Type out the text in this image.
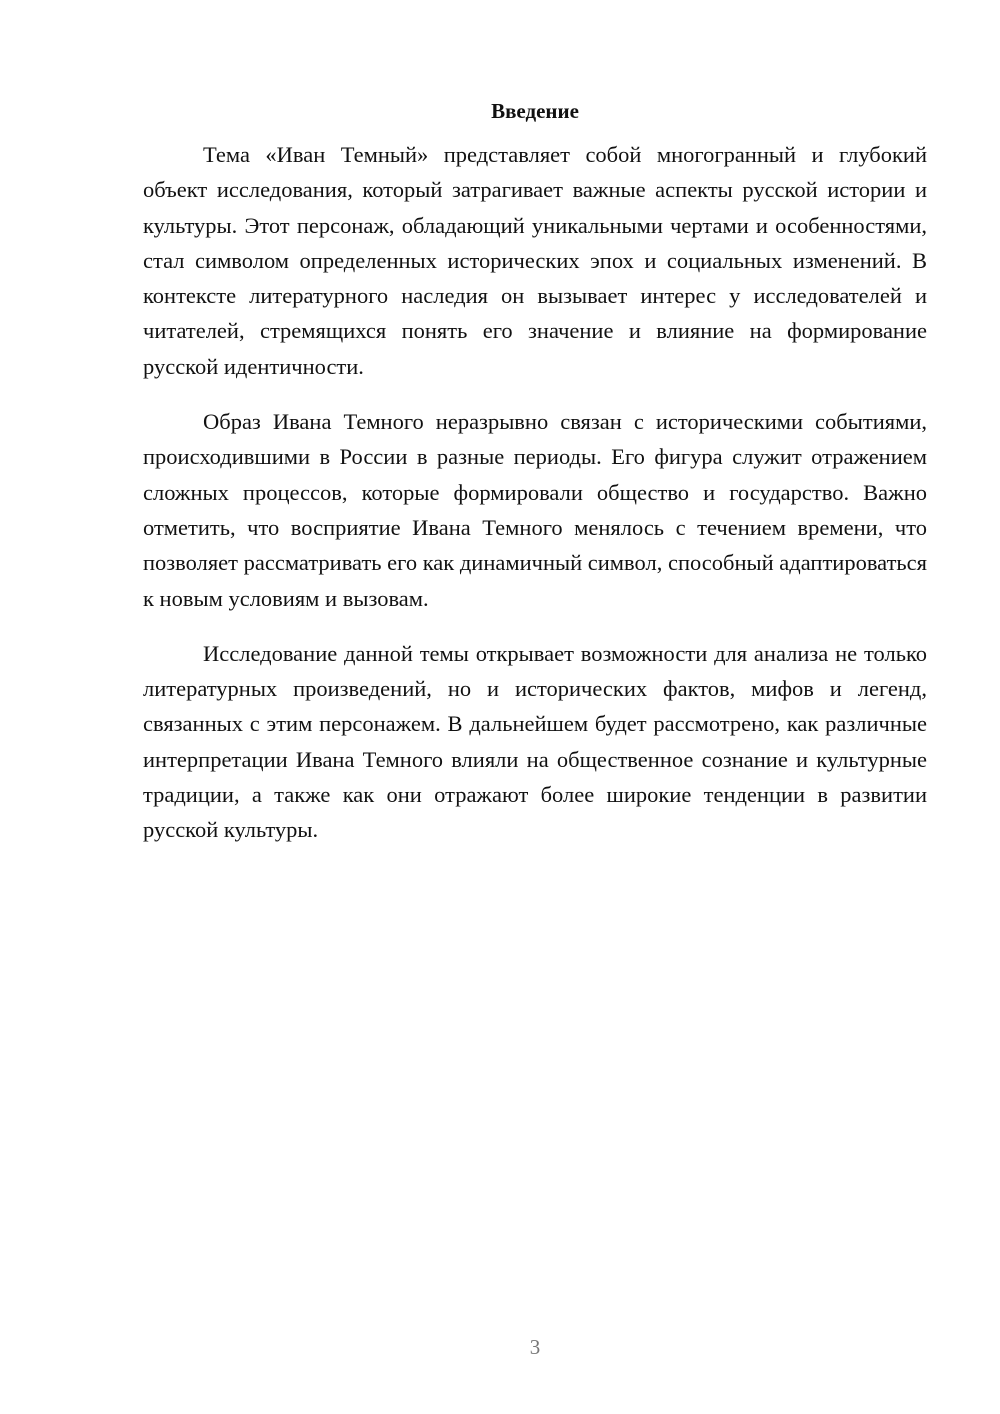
Введение

Тема «Иван Темный» представляет собой многогранный и глубокий объект исследования, который затрагивает важные аспекты русской истории и культуры. Этот персонаж, обладающий уникальными чертами и особенностями, стал символом определенных исторических эпох и социальных изменений. В контексте литературного наследия он вызывает интерес у исследователей и читателей, стремящихся понять его значение и влияние на формирование русской идентичности.

Образ Ивана Темного неразрывно связан с историческими событиями, происходившими в России в разные периоды. Его фигура служит отражением сложных процессов, которые формировали общество и государство. Важно отметить, что восприятие Ивана Темного менялось с течением времени, что позволяет рассматривать его как динамичный символ, способный адаптироваться к новым условиям и вызовам.

Исследование данной темы открывает возможности для анализа не только литературных произведений, но и исторических фактов, мифов и легенд, связанных с этим персонажем. В дальнейшем будет рассмотрено, как различные интерпретации Ивана Темного влияли на общественное сознание и культурные традиции, а также как они отражают более широкие тенденции в развитии русской культуры.

3
